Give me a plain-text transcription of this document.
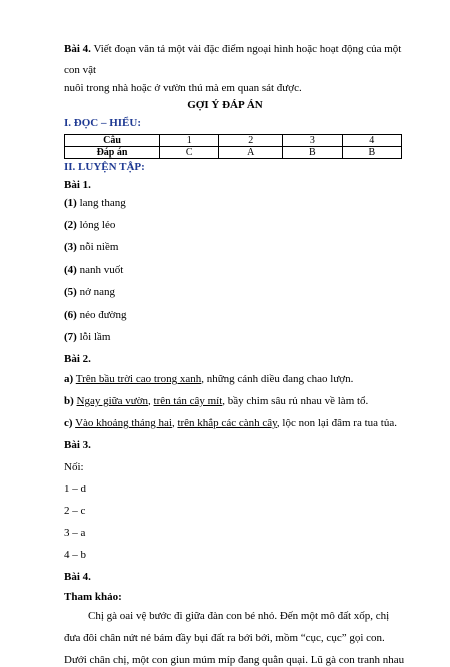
Bài 4. Viết đoạn văn tả một vài đặc điểm ngoại hình hoặc hoạt động của một
con vật
nuôi trong nhà hoặc ở vườn thú mà em quan sát được.
GỢI Ý ĐÁP ÁN
I. ĐỌC – HIỂU:
Câu	1	2	3	4
Đáp án	C	A	B	B
II. LUYỆN TẬP:
Bài 1.
(1) lang thang
(2) lỏng lẻo
(3) nỗi niềm
(4) nanh vuốt
(5) nở nang
(6) nẻo đường
(7) lỗi lầm
Bài 2.
a) Trên bầu trời cao trong xanh, những cánh diều đang chao lượn.
b) Ngay giữa vườn, trên tán cây mít, bầy chim sâu rủ nhau về làm tổ.
c) Vào khoảng tháng hai, trên khắp các cành cây, lộc non lại đâm ra tua tủa.
Bài 3.
Nối:
1 – d
2 – c
3 – a
4 – b
Bài 4.
Tham khảo:
Chị gà oai vệ bước đi giữa đàn con bé nhỏ. Đến một mô đất xốp, chị
đưa đôi chân nứt nẻ bám đầy bụi đất ra bới bới, mồm “cục, cục” gọi con.
Dưới chân chị, một con giun múm míp đang quằn quại. Lũ gà con tranh nhau
